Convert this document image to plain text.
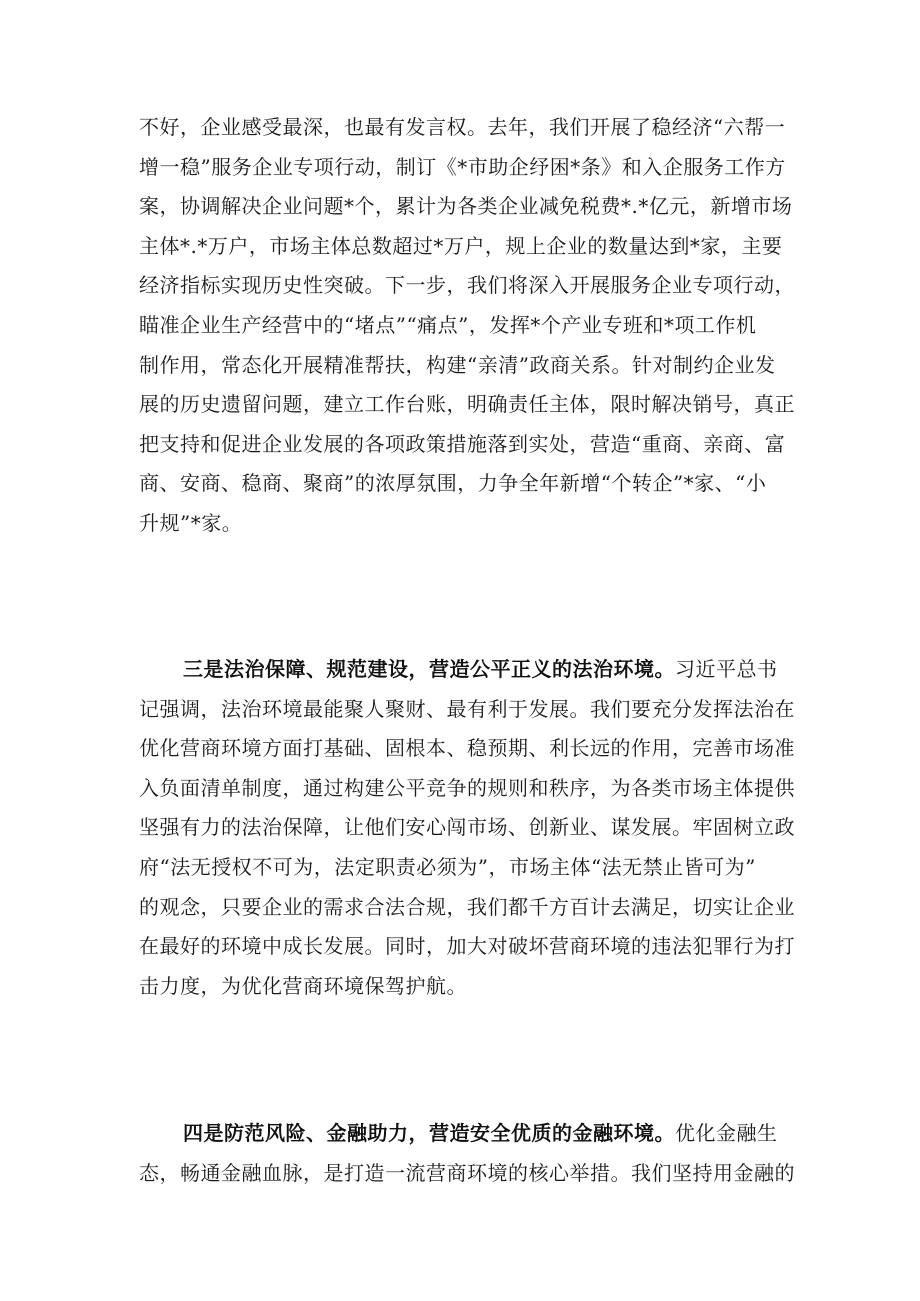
不好，企业感受最深，也最有发言权。去年，我们开展了稳经济“六帮一
增一稳”服务企业专项行动，制订《*市助企纾困*条》和入企服务工作方
案，协调解决企业问题*个，累计为各类企业减免税费*.*亿元，新增市场
主体*.*万户，市场主体总数超过*万户，规上企业的数量达到*家，主要
经济指标实现历史性突破。下一步，我们将深入开展服务企业专项行动，
瞄准企业生产经营中的“堵点”“痛点”，发挥*个产业专班和*项工作机
制作用，常态化开展精准帮扶，构建“亲清”政商关系。针对制约企业发
展的历史遗留问题，建立工作台账，明确责任主体，限时解决销号，真正
把支持和促进企业发展的各项政策措施落到实处，营造“重商、亲商、富
商、安商、稳商、聚商”的浓厚氛围，力争全年新增“个转企”*家、“小
升规”*家。
三是法治保障、规范建设，营造公平正义的法治环境。习近平总书
记强调，法治环境最能聚人聚财、最有利于发展。我们要充分发挥法治在
优化营商环境方面打基础、固根本、稳预期、利长远的作用，完善市场准
入负面清单制度，通过构建公平竞争的规则和秩序，为各类市场主体提供
坚强有力的法治保障，让他们安心闯市场、创新业、谋发展。牢固树立政
府“法无授权不可为，法定职责必须为”，市场主体“法无禁止皆可为”
的观念，只要企业的需求合法合规，我们都千方百计去满足，切实让企业
在最好的环境中成长发展。同时，加大对破坏营商环境的违法犯罪行为打
击力度，为优化营商环境保驾护航。
四是防范风险、金融助力，营造安全优质的金融环境。优化金融生
态，畅通金融血脉，是打造一流营商环境的核心举措。我们坚持用金融的
